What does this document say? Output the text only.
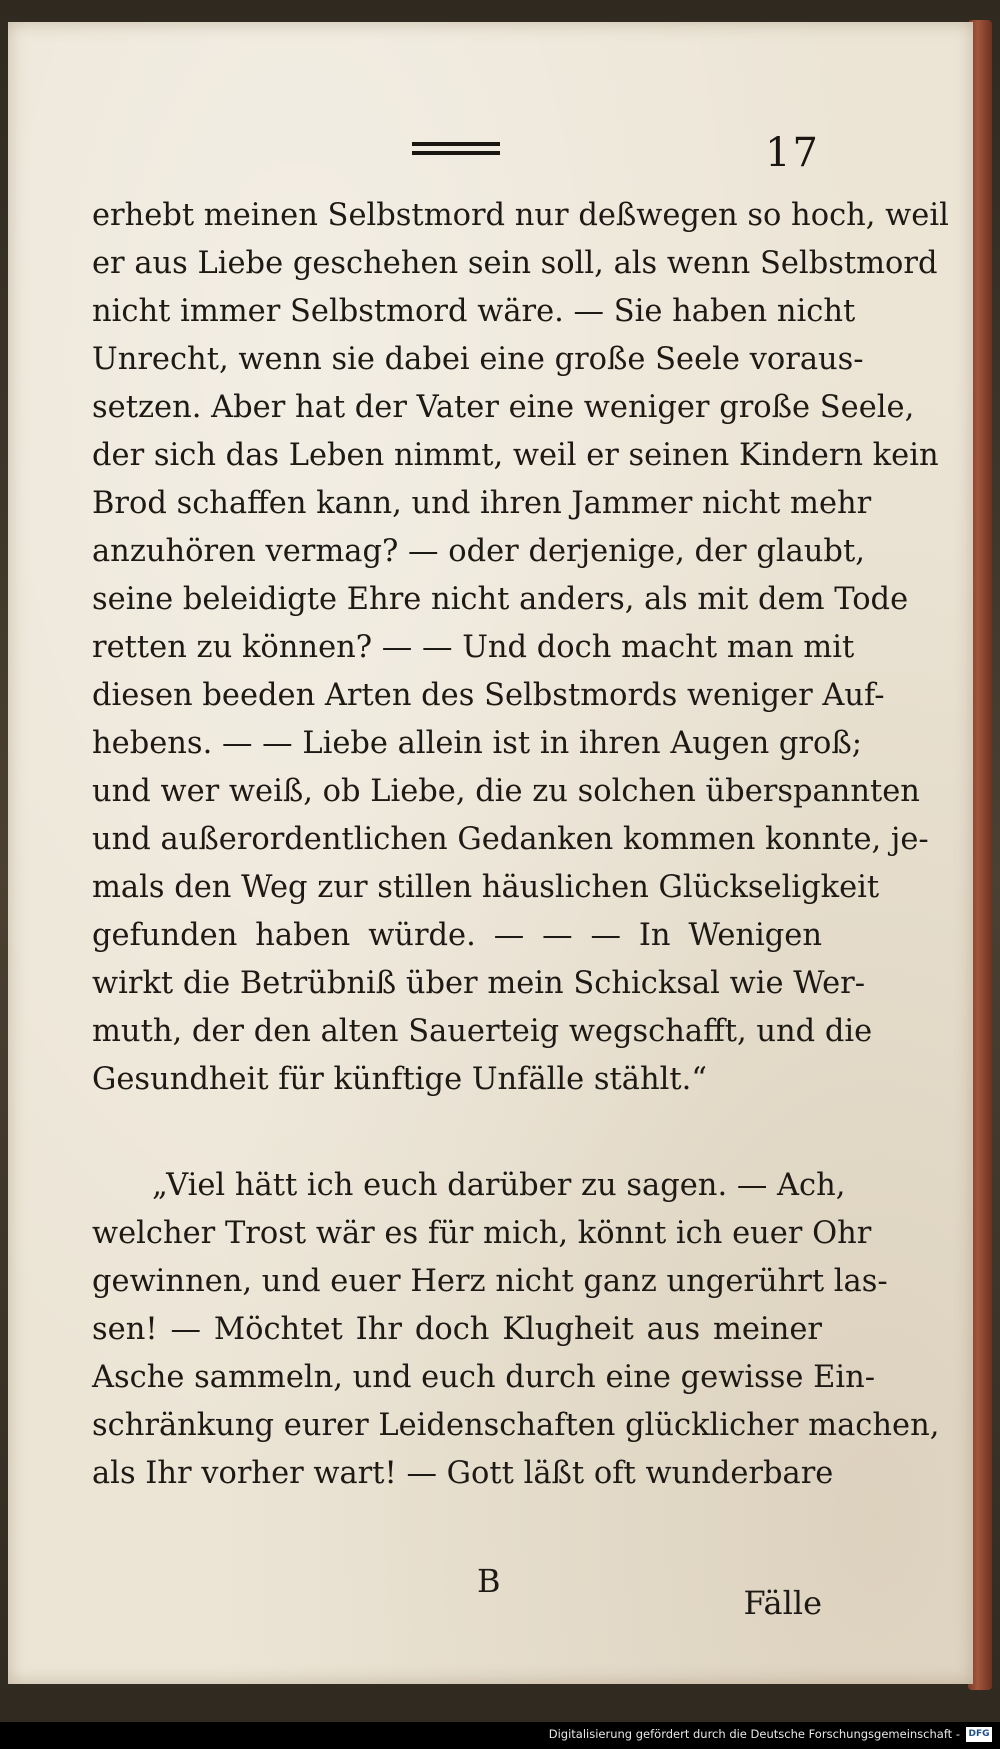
17
erhebt meinen Selbstmord nur deßwegen so hoch, weil
er aus Liebe geschehen sein soll, als wenn Selbstmord
nicht immer Selbstmord wäre. — Sie haben nicht
Unrecht, wenn sie dabei eine große Seele voraus-
setzen. Aber hat der Vater eine weniger große Seele,
der sich das Leben nimmt, weil er seinen Kindern kein
Brod schaffen kann, und ihren Jammer nicht mehr
anzuhören vermag? — oder derjenige, der glaubt,
seine beleidigte Ehre nicht anders, als mit dem Tode
retten zu können? — — Und doch macht man mit
diesen beeden Arten des Selbstmords weniger Auf-
hebens. — — Liebe allein ist in ihren Augen groß;
und wer weiß, ob Liebe, die zu solchen überspannten
und außerordentlichen Gedanken kommen konnte, je-
mals den Weg zur stillen häuslichen Glückseligkeit
gefunden haben würde. — — — In Wenigen
wirkt die Betrübniß über mein Schicksal wie Wer-
muth, der den alten Sauerteig wegschafft, und die
Gesundheit für künftige Unfälle stählt.“
„Viel hätt ich euch darüber zu sagen. — Ach,
welcher Trost wär es für mich, könnt ich euer Ohr
gewinnen, und euer Herz nicht ganz ungerührt las-
sen! — Möchtet Ihr doch Klugheit aus meiner
Asche sammeln, und euch durch eine gewisse Ein-
schränkung eurer Leidenschaften glücklicher machen,
als Ihr vorher wart! — Gott läßt oft wunderbare
B
Fälle
Digitalisierung gefördert durch die Deutsche Forschungsgemeinschaft - DFG
